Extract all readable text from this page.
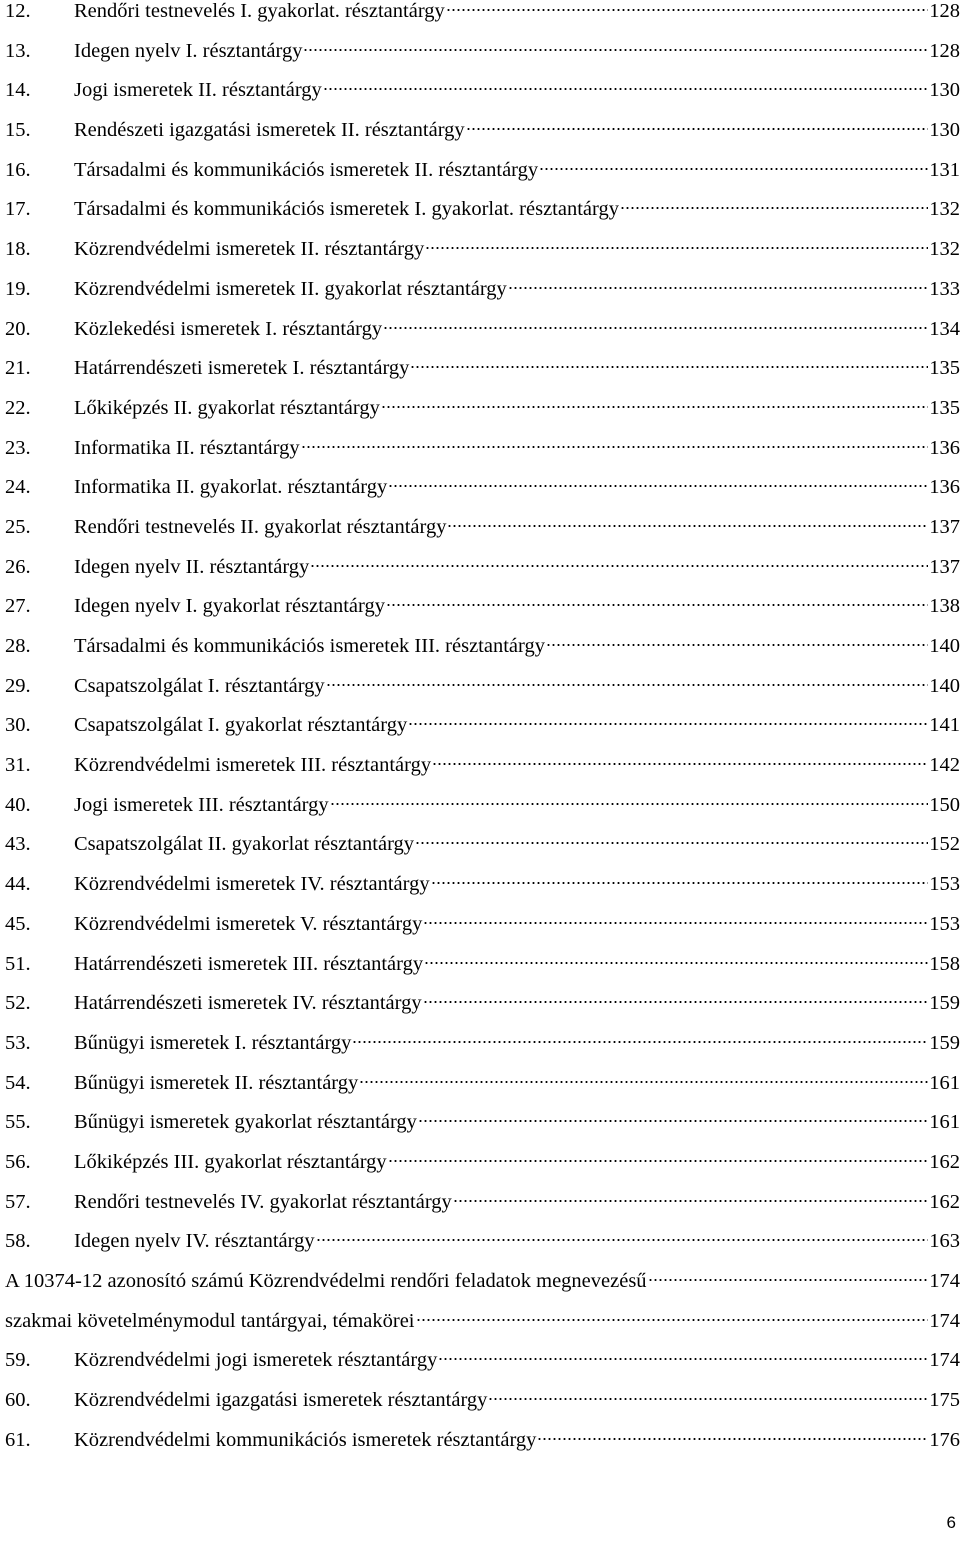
12.	Rendőri testnevelés I. gyakorlat. résztantárgy	128
13.	Idegen nyelv I. résztantárgy	128
14.	Jogi ismeretek II. résztantárgy	130
15.	Rendészeti igazgatási ismeretek II. résztantárgy	130
16.	Társadalmi és kommunikációs ismeretek II. résztantárgy	131
17.	Társadalmi és kommunikációs ismeretek I. gyakorlat. résztantárgy	132
18.	Közrendvédelmi ismeretek II. résztantárgy	132
19.	Közrendvédelmi ismeretek II. gyakorlat résztantárgy	133
20.	Közlekedési ismeretek I. résztantárgy	134
21.	Határrendészeti ismeretek I. résztantárgy	135
22.	Lőkiképzés II. gyakorlat résztantárgy	135
23.	Informatika II. résztantárgy	136
24.	Informatika II. gyakorlat. résztantárgy	136
25.	Rendőri testnevelés II. gyakorlat résztantárgy	137
26.	Idegen nyelv II. résztantárgy	137
27.	Idegen nyelv I. gyakorlat résztantárgy	138
28.	Társadalmi és kommunikációs ismeretek III. résztantárgy	140
29.	Csapatszolgálat I. résztantárgy	140
30.	Csapatszolgálat I. gyakorlat résztantárgy	141
31.	Közrendvédelmi ismeretek III. résztantárgy	142
40.	Jogi ismeretek III. résztantárgy	150
43.	Csapatszolgálat II. gyakorlat résztantárgy	152
44.	Közrendvédelmi ismeretek IV. résztantárgy	153
45.	Közrendvédelmi ismeretek V. résztantárgy	153
51.	Határrendészeti ismeretek III. résztantárgy	158
52.	Határrendészeti ismeretek IV. résztantárgy	159
53.	Bűnügyi ismeretek I. résztantárgy	159
54.	Bűnügyi ismeretek II. résztantárgy	161
55.	Bűnügyi ismeretek gyakorlat résztantárgy	161
56.	Lőkiképzés III. gyakorlat résztantárgy	162
57.	Rendőri testnevelés IV. gyakorlat résztantárgy	162
58.	Idegen nyelv IV. résztantárgy	163
A 10374-12 azonosító számú Közrendvédelmi rendőri feladatok megnevezésű	174
szakmai követelménymodul tantárgyai, témakörei	174
59.	Közrendvédelmi jogi ismeretek résztantárgy	174
60.	Közrendvédelmi igazgatási ismeretek résztantárgy	175
61.	Közrendvédelmi kommunikációs ismeretek résztantárgy	176
6
